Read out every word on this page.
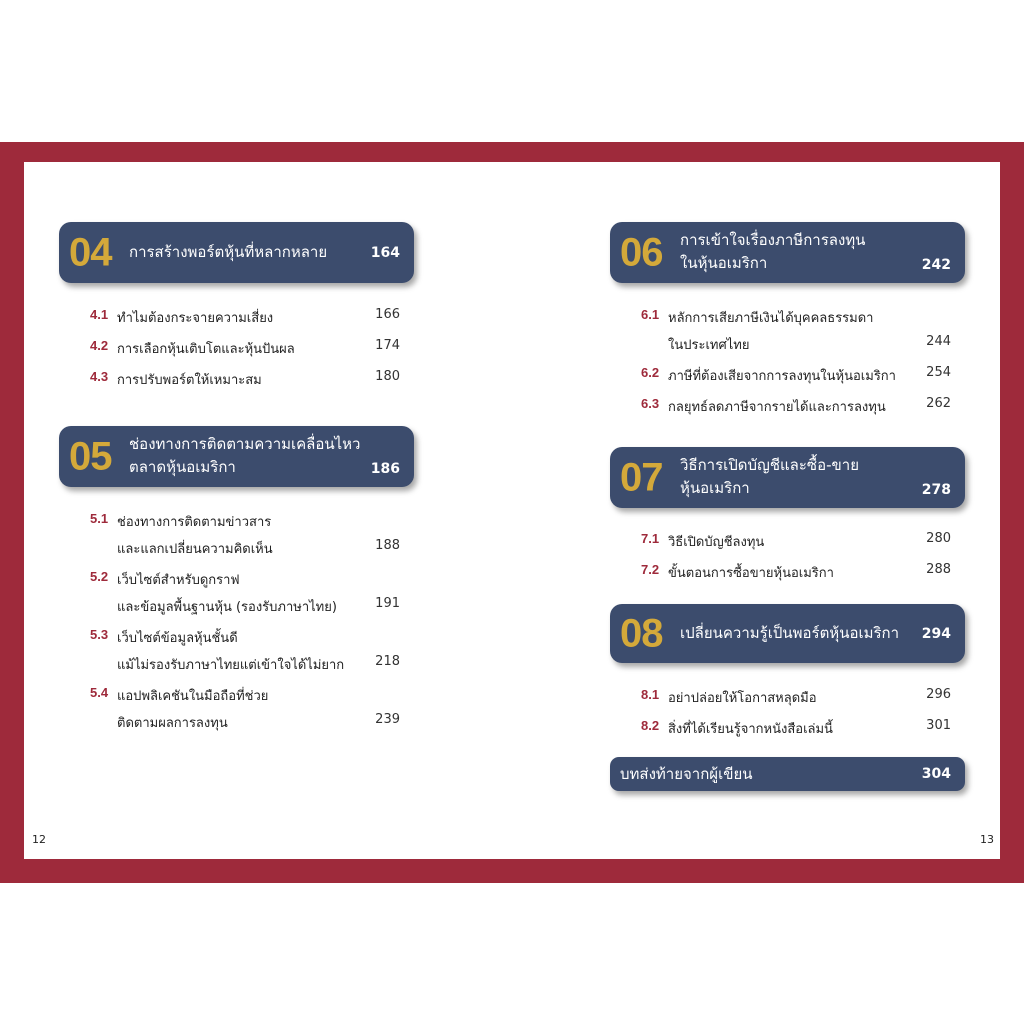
12	13
04 การสร้างพอร์ตหุ้นที่หลากหลาย	164
4.1 ทำไมต้องกระจายความเสี่ยง	166
4.2 การเลือกหุ้นเติบโตและหุ้นปันผล	174
4.3 การปรับพอร์ตให้เหมาะสม	180
05 ช่องทางการติดตามความเคลื่อนไหว
ตลาดหุ้นอเมริกา	186
5.1 ช่องทางการติดตามข่าวสาร
และแลกเปลี่ยนความคิดเห็น	188
5.2 เว็บไซต์สำหรับดูกราฟ
และข้อมูลพื้นฐานหุ้น (รองรับภาษาไทย)	191
5.3 เว็บไซต์ข้อมูลหุ้นชั้นดี
แม้ไม่รองรับภาษาไทยแต่เข้าใจได้ไม่ยาก	218
5.4 แอปพลิเคชันในมือถือที่ช่วย
ติดตามผลการลงทุน	239
06 การเข้าใจเรื่องภาษีการลงทุน
ในหุ้นอเมริกา	242
6.1 หลักการเสียภาษีเงินได้บุคคลธรรมดา
ในประเทศไทย	244
6.2 ภาษีที่ต้องเสียจากการลงทุนในหุ้นอเมริกา	254
6.3 กลยุทธ์ลดภาษีจากรายได้และการลงทุน	262
07 วิธีการเปิดบัญชีและซื้อ-ขาย
หุ้นอเมริกา	278
7.1 วิธีเปิดบัญชีลงทุน	280
7.2 ขั้นตอนการซื้อขายหุ้นอเมริกา	288
08 เปลี่ยนความรู้เป็นพอร์ตหุ้นอเมริกา 294
8.1 อย่าปล่อยให้โอกาสหลุดมือ	296
8.2 สิ่งที่ได้เรียนรู้จากหนังสือเล่มนี้	301
บทส่งท้ายจากผู้เขียน	304
